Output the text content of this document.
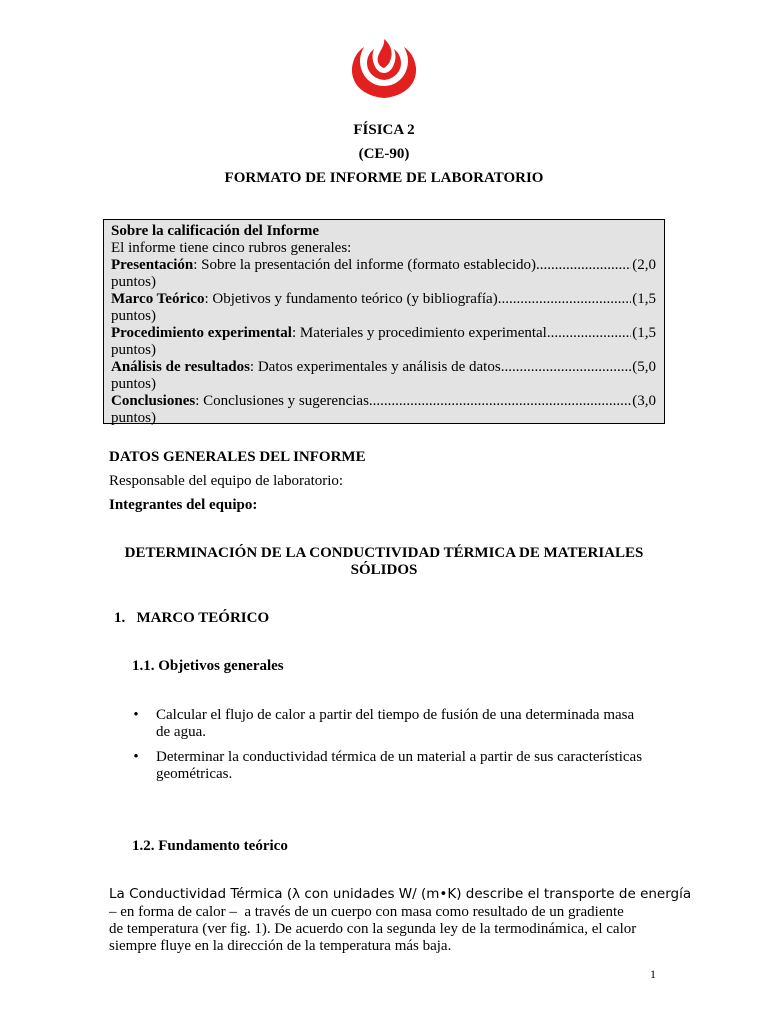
FÍSICA 2
(CE-90)
FORMATO DE INFORME DE LABORATORIO
Sobre la calificación del Informe
El informe tiene cinco rubros generales:
Presentación : Sobre la presentación del informe (formato establecido) .....	(2,0
puntos)
Marco Teórico : Objetivos y fundamento teórico (y bibliografía) .....	(1,5
puntos)
Procedimiento experimental : Materiales y procedimiento experimental .....	(1,5
puntos)
Análisis de resultados : Datos experimentales y análisis de datos .....	(5,0
puntos)
Conclusiones : Conclusiones y sugerencias .....	(3,0
puntos)
DATOS GENERALES DEL INFORME
Responsable del equipo de laboratorio:
Integrantes del equipo:
DETERMINACIÓN DE LA CONDUCTIVIDAD TÉRMICA DE MATERIALES
SÓLIDOS
1.   MARCO TEÓRICO
1.1. Objetivos generales
• Calcular el flujo de calor a partir del tiempo de fusión de una determinada masa
de agua.
• Determinar la conductividad térmica de un material a partir de sus características
geométricas.
1.2. Fundamento teórico
La Conductividad Térmica (λ con unidades W/ (m•K) describe el transporte de energía
– en forma de calor –  a través de un cuerpo con masa como resultado de un gradiente
de temperatura (ver fig. 1). De acuerdo con la segunda ley de la termodinámica, el calor
siempre fluye en la dirección de la temperatura más baja.
1
